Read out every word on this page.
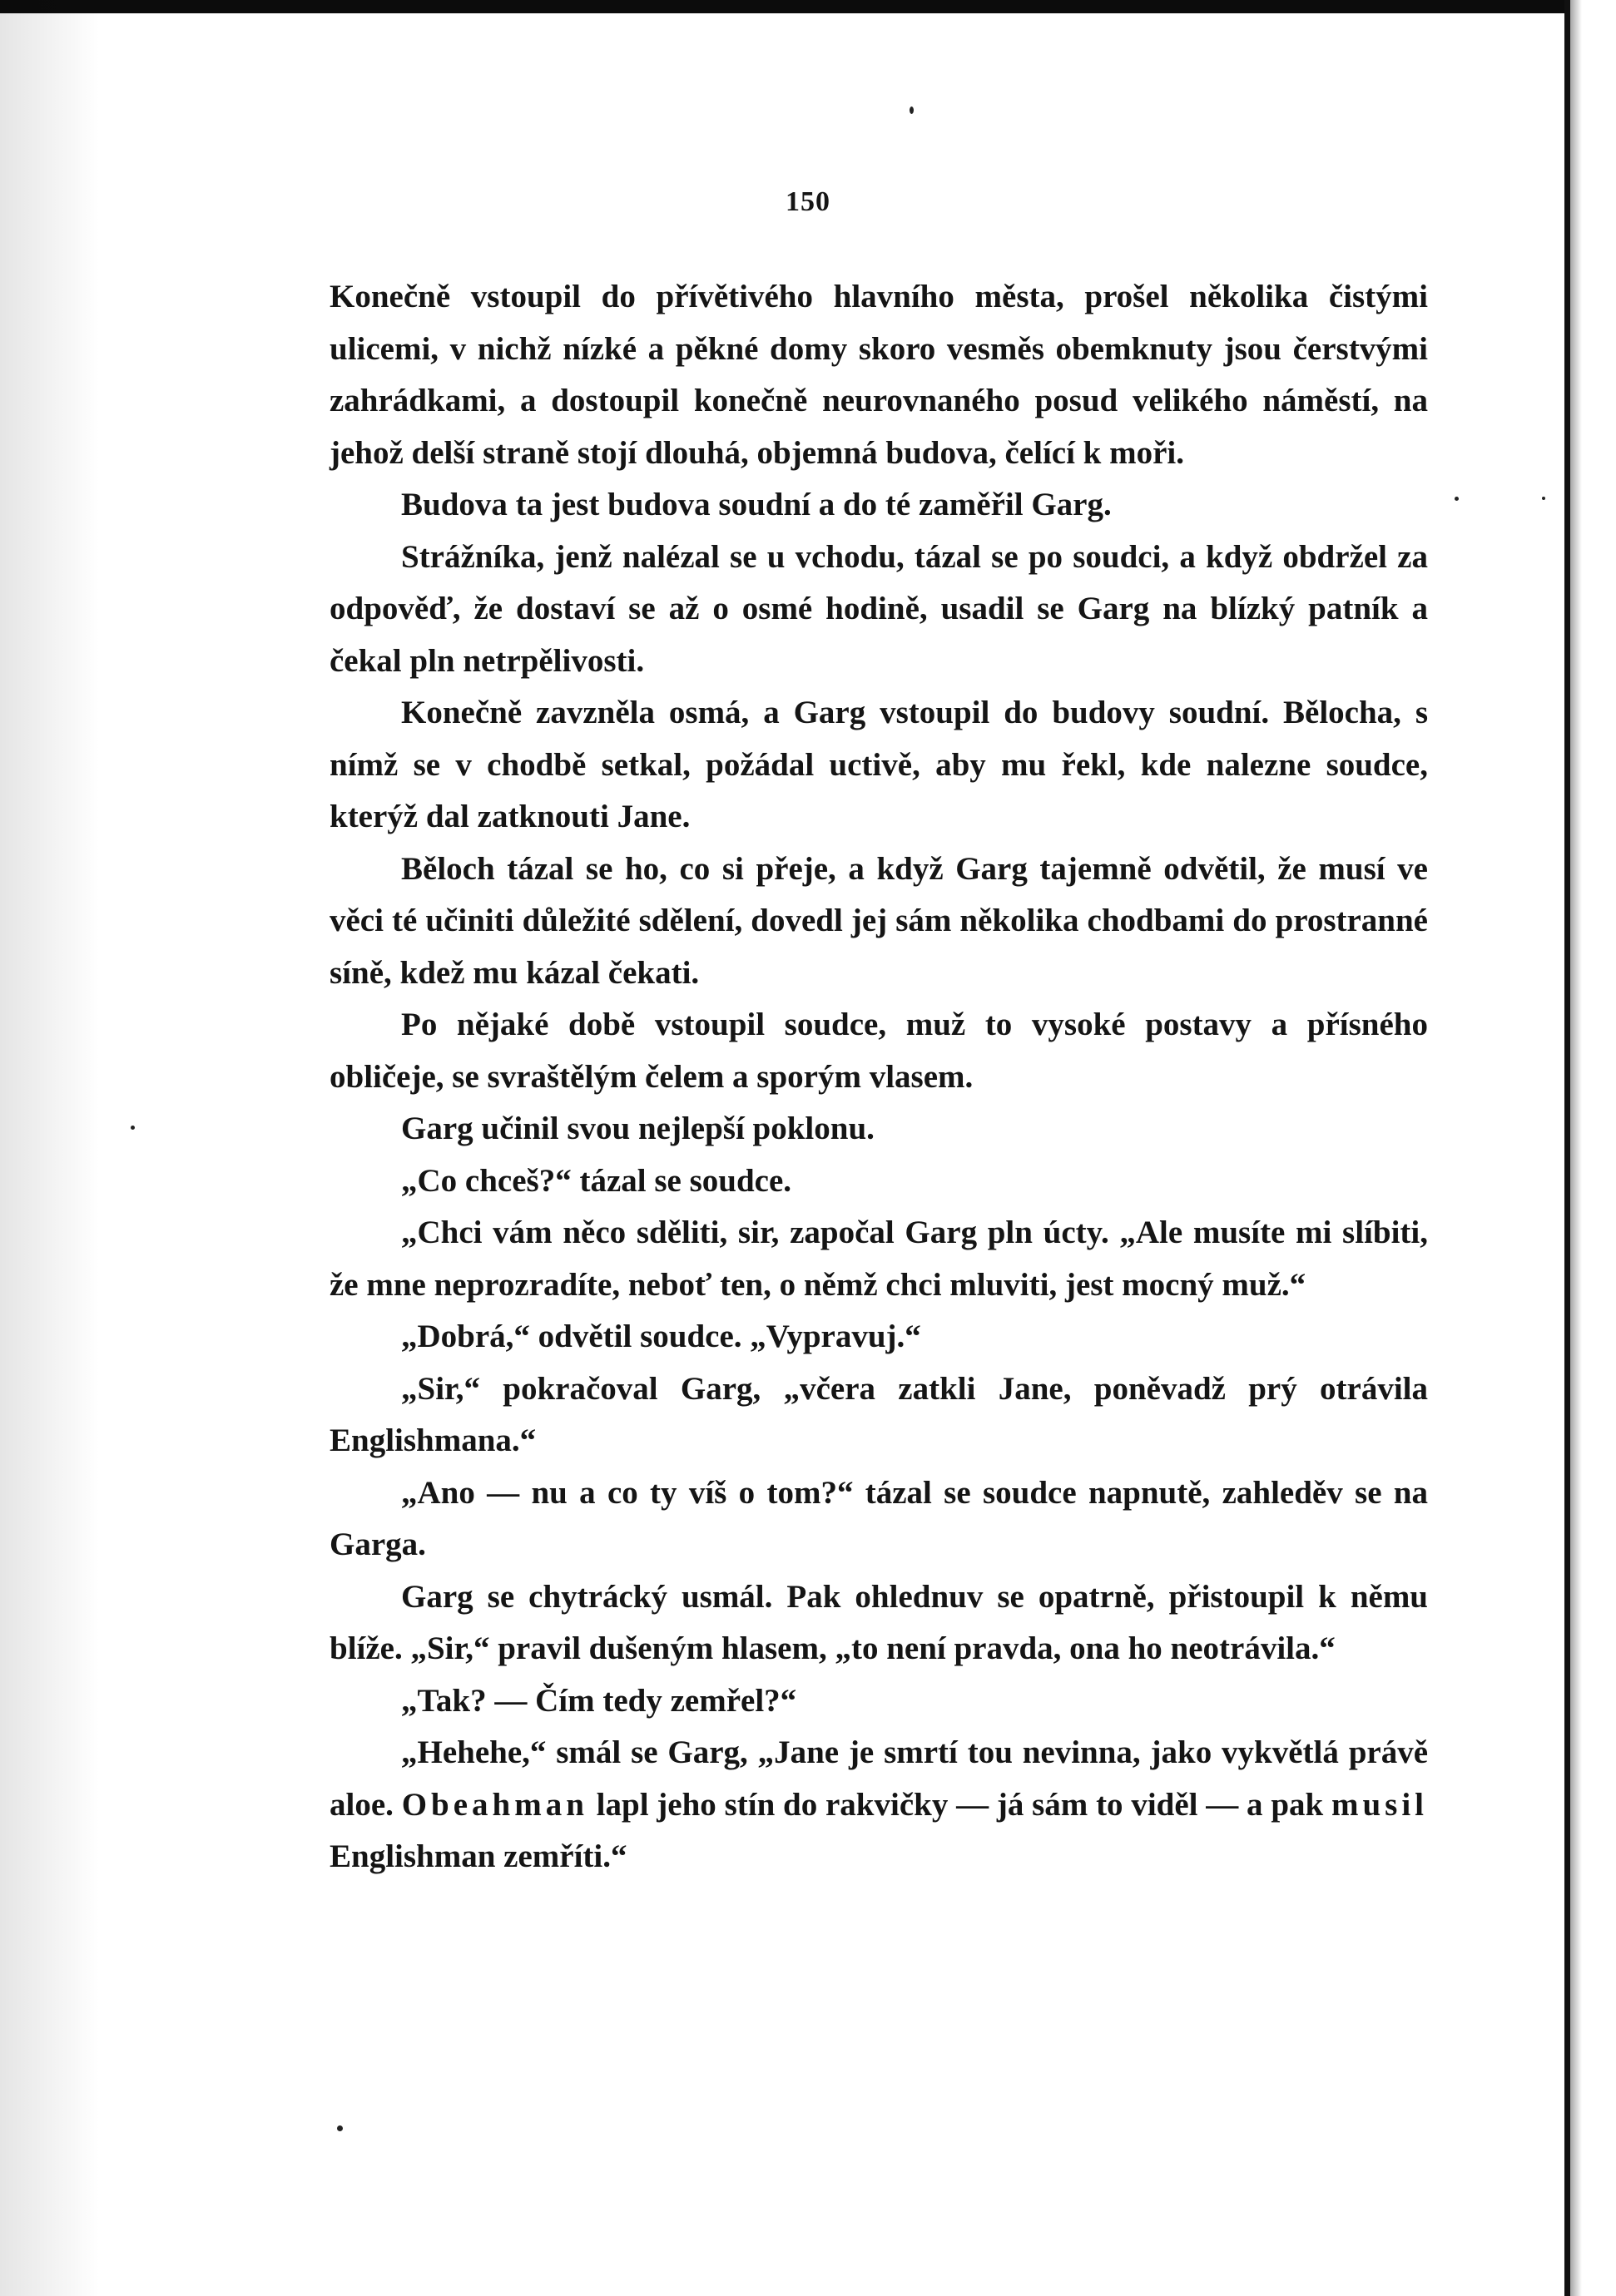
150

Konečně vstoupil do přívětivého hlavního města, prošel několika čistými ulicemi, v nichž nízké a pěkné domy skoro vesměs obemknuty jsou čerstvými zahrádkami, a dostoupil konečně neurovnaného posud velikého náměstí, na jehož delší straně stojí dlouhá, objemná budova, čelící k moři.

Budova ta jest budova soudní a do té zaměřil Garg.

Strážníka, jenž nalézal se u vchodu, tázal se po soudci, a když obdržel za odpověď, že dostaví se až o osmé hodině, usadil se Garg na blízký patník a čekal pln netrpělivosti.

Konečně zavzněla osmá, a Garg vstoupil do budovy soudní. Bělocha, s nímž se v chodbě setkal, požádal uctivě, aby mu řekl, kde nalezne soudce, kterýž dal zatknouti Jane.

Běloch tázal se ho, co si přeje, a když Garg tajemně odvětil, že musí ve věci té učiniti důležité sdělení, dovedl jej sám několika chodbami do prostranné síně, kdež mu kázal čekati.

Po nějaké době vstoupil soudce, muž to vysoké postavy a přísného obličeje, se svraštělým čelem a sporým vlasem.

Garg učinil svou nejlepší poklonu.

„Co chceš?“ tázal se soudce.

„Chci vám něco sděliti, sir, započal Garg pln úcty. „Ale musíte mi slíbiti, že mne neprozradíte, neboť ten, o němž chci mluviti, jest mocný muž.“

„Dobrá,“ odvětil soudce. „Vypravuj.“

„Sir,“ pokračoval Garg, „včera zatkli Jane, poněvadž prý otrávila Englishmana.“

„Ano — nu a co ty víš o tom?“ tázal se soudce napnutě, zahleděv se na Garga.

Garg se chytrácký usmál. Pak ohlednuv se opatrně, přistoupil k němu blíže. „Sir,“ pravil dušeným hlasem, „to není pravda, ona ho neotrávila.“

„Tak? — Čím tedy zemřel?“

„Hehehe,“ smál se Garg, „Jane je smrtí tou nevinna, jako vykvětlá právě aloe. Obeahman lapl jeho stín do rakvičky — já sám to viděl — a pak musil Englishman zemříti.“
